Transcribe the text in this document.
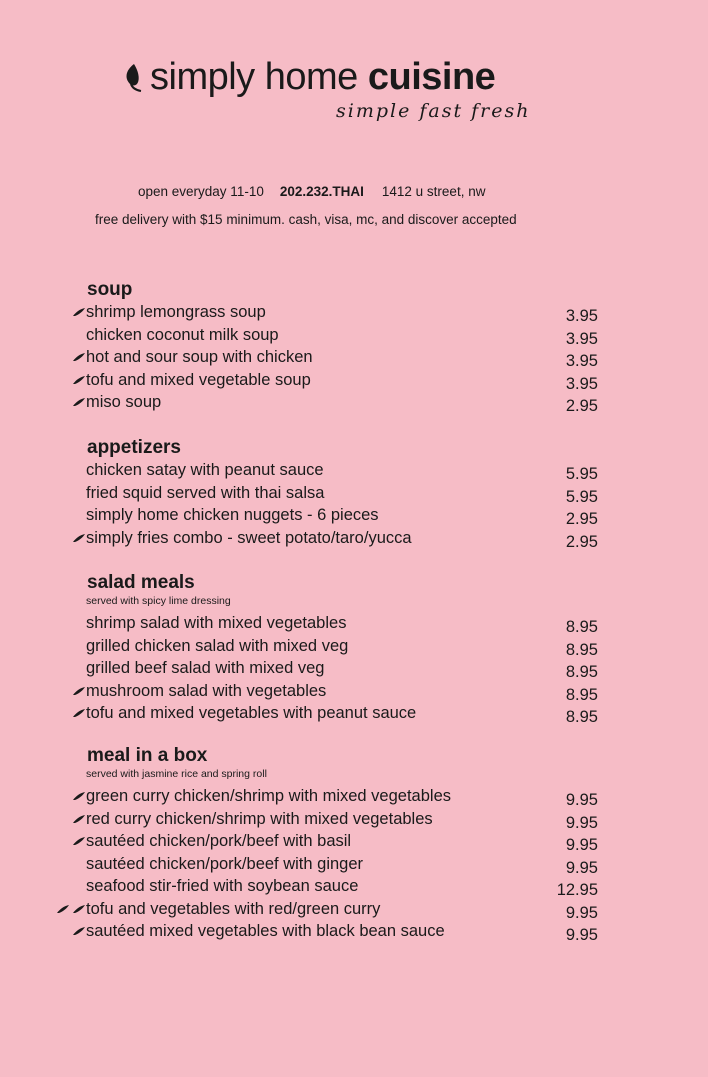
simply home cuisine
simple fast fresh
open everyday 11-10 202.232.THAI 1412 u street, nw
free delivery with $15 minimum. cash, visa, mc, and discover accepted
soup
shrimp lemongrass soup	3.95
chicken coconut milk soup	3.95
hot and sour soup with chicken	3.95
tofu and mixed vegetable soup	3.95
miso soup	2.95
appetizers
chicken satay with peanut sauce	5.95
fried squid served with thai salsa	5.95
simply home chicken nuggets - 6 pieces	2.95
simply fries combo - sweet potato/taro/yucca	2.95
salad meals
served with spicy lime dressing
shrimp salad with mixed vegetables	8.95
grilled chicken salad with mixed veg	8.95
grilled beef salad with mixed veg	8.95
mushroom salad with vegetables	8.95
tofu and mixed vegetables with peanut sauce	8.95
meal in a box
served with jasmine rice and spring roll
green curry chicken/shrimp with mixed vegetables	9.95
red curry chicken/shrimp with mixed vegetables	9.95
sautéed chicken/pork/beef with basil	9.95
sautéed chicken/pork/beef with ginger	9.95
seafood stir-fried with soybean sauce	12.95
tofu and vegetables with red/green curry	9.95
sautéed mixed vegetables with black bean sauce	9.95
